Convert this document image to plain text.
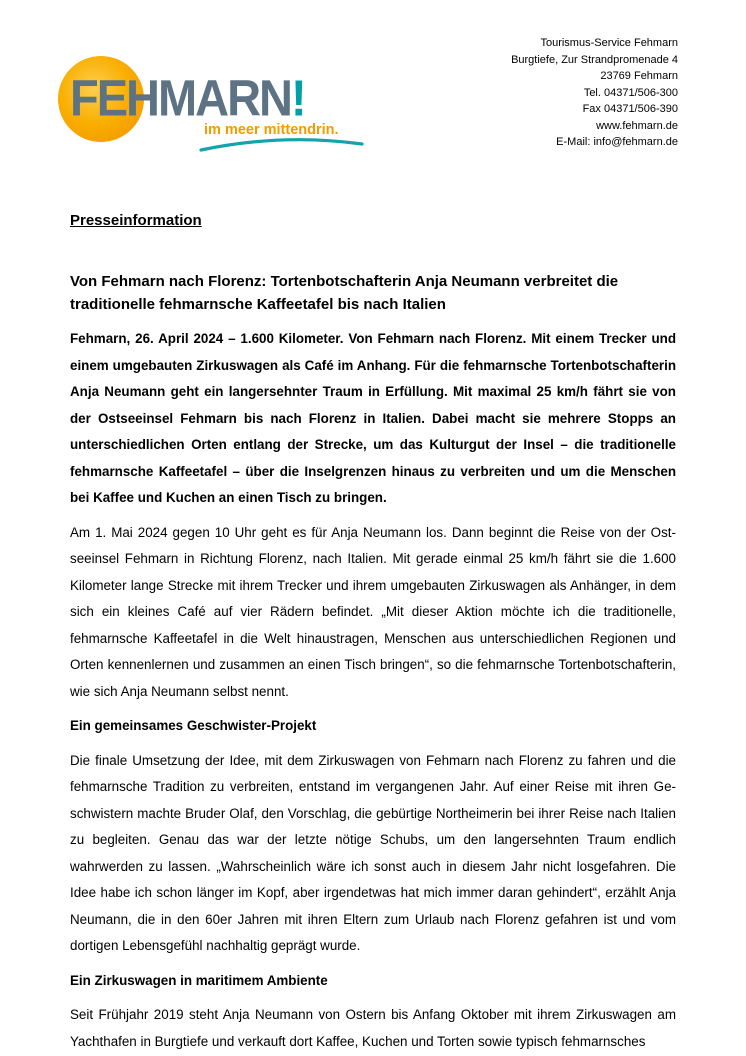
FEHMARN!
im meer mittendrin.
Tourismus-Service Fehmarn
Burgtiefe, Zur Strandpromenade 4
23769 Fehmarn
Tel. 04371/506-300
Fax 04371/506-390
www.fehmarn.de
E-Mail: info@fehmarn.de

Presseinformation

Von Fehmarn nach Florenz: Tortenbotschafterin Anja Neumann verbreitet die traditionelle fehmarnsche Kaffeetafel bis nach Italien

Fehmarn, 26. April 2024 – 1.600 Kilometer. Von Fehmarn nach Florenz. Mit einem Trecker und einem umgebauten Zirkuswagen als Café im Anhang. Für die fehmarnsche Tortenbotschafterin Anja Neumann geht ein langersehnter Traum in Erfüllung. Mit maximal 25 km/h fährt sie von der Ostseeinsel Fehmarn bis nach Florenz in Italien. Dabei macht sie mehrere Stopps an unterschiedlichen Orten entlang der Strecke, um das Kulturgut der Insel – die traditionelle fehmarnsche Kaffeetafel – über die Inselgrenzen hinaus zu verbreiten und um die Menschen bei Kaffee und Kuchen an einen Tisch zu bringen.

Am 1. Mai 2024 gegen 10 Uhr geht es für Anja Neumann los. Dann beginnt die Reise von der Ostseeinsel Fehmarn in Richtung Florenz, nach Italien. Mit gerade einmal 25 km/h fährt sie die 1.600 Kilometer lange Strecke mit ihrem Trecker und ihrem umgebauten Zirkuswagen als Anhänger, in dem sich ein kleines Café auf vier Rädern befindet. „Mit dieser Aktion möchte ich die traditionelle, fehmarnsche Kaffeetafel in die Welt hinaustragen, Menschen aus unterschiedlichen Regionen und Orten kennenlernen und zusammen an einen Tisch bringen“, so die fehmarnsche Tortenbotschafterin, wie sich Anja Neumann selbst nennt.

Ein gemeinsames Geschwister-Projekt

Die finale Umsetzung der Idee, mit dem Zirkuswagen von Fehmarn nach Florenz zu fahren und die fehmarnsche Tradition zu verbreiten, entstand im vergangenen Jahr. Auf einer Reise mit ihren Geschwistern machte Bruder Olaf, den Vorschlag, die gebürtige Northeimerin bei ihrer Reise nach Italien zu begleiten. Genau das war der letzte nötige Schubs, um den langersehnten Traum endlich wahrwerden zu lassen. „Wahrscheinlich wäre ich sonst auch in diesem Jahr nicht losgefahren. Die Idee habe ich schon länger im Kopf, aber irgendetwas hat mich immer daran gehindert“, erzählt Anja Neumann, die in den 60er Jahren mit ihren Eltern zum Urlaub nach Florenz gefahren ist und vom dortigen Lebensgefühl nachhaltig geprägt wurde.

Ein Zirkuswagen in maritimem Ambiente

Seit Frühjahr 2019 steht Anja Neumann von Ostern bis Anfang Oktober mit ihrem Zirkuswagen am Yachthafen in Burgtiefe und verkauft dort Kaffee, Kuchen und Torten sowie typisch fehmarnsches
